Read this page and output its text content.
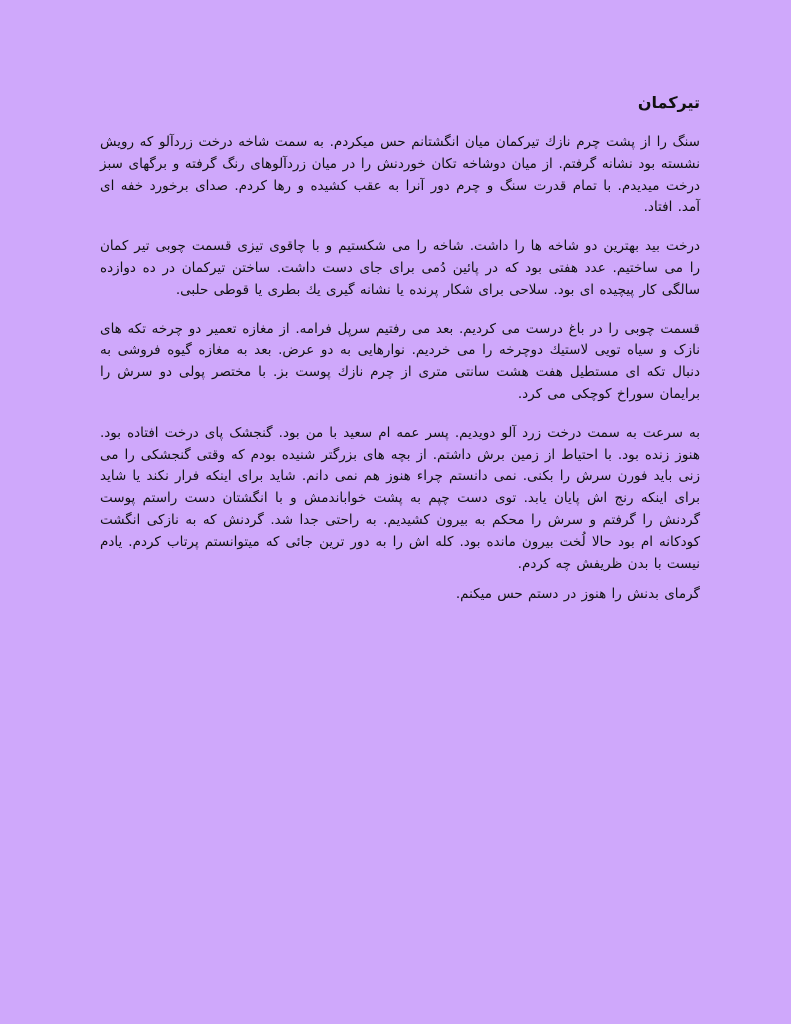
تیرکمان

سنگ را از پشت چرم نازك تیركمان میان انگشتانم حس میکردم. به سمت شاخه درخت زردآلو که رویش نشسته بود نشانه گرفتم. از میان دوشاخه تکان خوردنش را در میان زردآلوهای رنگ گرفته و برگهای سبز درخت میدیدم. با تمام قدرت سنگ و چرم دور آنرا به عقب کشیده و رها کردم. صدای برخورد خفه ای آمد. افتاد.

درخت بید بهترین دو شاخه ها را داشت. شاخه را می شکستیم و با چاقوی تیزی قسمت چوبی تیر کمان را می ساختیم. عدد هفتی بود که در پائین دُمی برای جای دست داشت. ساختن تیرکمان در ده دوازده سالگی کار پیچیده ای بود. سلاحی برای شکار پرنده یا نشانه گیری یك بطری یا قوطی حلبی.

قسمت چوبی را در باغ درست می کردیم. بعد می رفتیم سرپل فرامه. از مغازه تعمیر دو چرخه تکه های نازک و سیاه تویی لاستیك دوچرخه را می خردیم. نوارهایی به دو عرض. بعد به مغازه گیوه فروشی به دنبال تکه ای مستطیل هفت هشت سانتی متری از چرم نازك پوست بز. با مختصر پولی دو سرش را برایمان سوراخ کوچکی می کرد.

به سرعت به سمت درخت زرد آلو دویدیم. پسر عمه ام سعید با من بود. گنجشک پای درخت افتاده بود. هنوز زنده بود. با احتیاط از زمین برش داشتم. از بچه های بزرگتر شنیده بودم که وقتی گنجشکی را می زنی باید فورن سرش را بکنی. نمی دانستم چراء هنوز هم نمی دانم. شاید برای اینکه فرار نکند یا شاید برای اینکه رنج اش پایان یابد. توی دست چپم به پشت خواباندمش و با انگشتان دست راستم پوست گردنش را گرفتم و سرش را محکم به بیرون کشیدیم. به راحتی جدا شد. گردنش که به نازکی انگشت کودکانه ام بود حالا لُخت بیرون مانده بود. کله اش را به دور ترین جائی که میتوانستم پرتاب کردم. یادم نیست با بدن ظریفش چه کردم.

گرمای بدنش را هنوز در دستم حس میکنم.
